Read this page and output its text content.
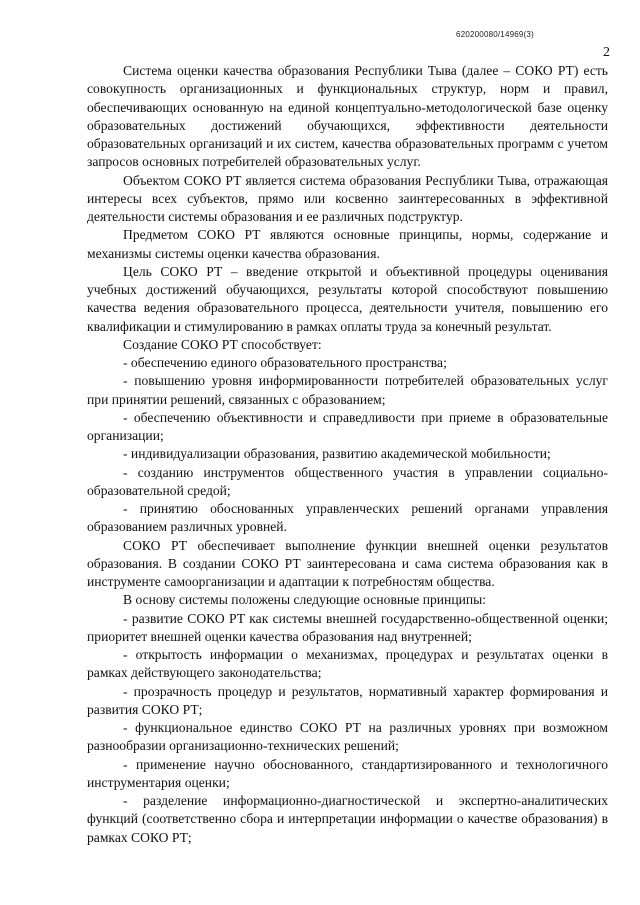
620200080/14969(3)
2

Система оценки качества образования Республики Тыва (далее – СОКО РТ) есть совокупность организационных и функциональных структур, норм и правил, обеспечивающих основанную на единой концептуально-методологической базе оценку образовательных достижений обучающихся, эффективности деятельности образовательных организаций и их систем, качества образовательных программ с учетом запросов основных потребителей образовательных услуг.

Объектом СОКО РТ является система образования Республики Тыва, отражающая интересы всех субъектов, прямо или косвенно заинтересованных в эффективной деятельности системы образования и ее различных подструктур.

Предметом СОКО РТ являются основные принципы, нормы, содержание и механизмы системы оценки качества образования.

Цель СОКО РТ – введение открытой и объективной процедуры оценивания учебных достижений обучающихся, результаты которой способствуют повышению качества ведения образовательного процесса, деятельности учителя, повышению его квалификации и стимулированию в рамках оплаты труда за конечный результат.

Создание СОКО РТ способствует:

- обеспечению единого образовательного пространства;

- повышению уровня информированности потребителей образовательных услуг при принятии решений, связанных с образованием;

- обеспечению объективности и справедливости при приеме в образовательные организации;

- индивидуализации образования, развитию академической мобильности;

- созданию инструментов общественного участия в управлении социально-образовательной средой;

- принятию обоснованных управленческих решений органами управления образованием различных уровней.

СОКО РТ обеспечивает выполнение функции внешней оценки результатов образования. В создании СОКО РТ заинтересована и сама система образования как в инструменте самоорганизации и адаптации к потребностям общества.

В основу системы положены следующие основные принципы:

- развитие СОКО РТ как системы внешней государственно-общественной оценки; приоритет внешней оценки качества образования над внутренней;

- открытость информации о механизмах, процедурах и результатах оценки в рамках действующего законодательства;

- прозрачность процедур и результатов, нормативный характер формирования и развития СОКО РТ;

- функциональное единство СОКО РТ на различных уровнях при возможном разнообразии организационно-технических решений;

- применение научно обоснованного, стандартизированного и технологичного инструментария оценки;

- разделение информационно-диагностической и экспертно-аналитических функций (соответственно сбора и интерпретации информации о качестве образования) в рамках СОКО РТ;
